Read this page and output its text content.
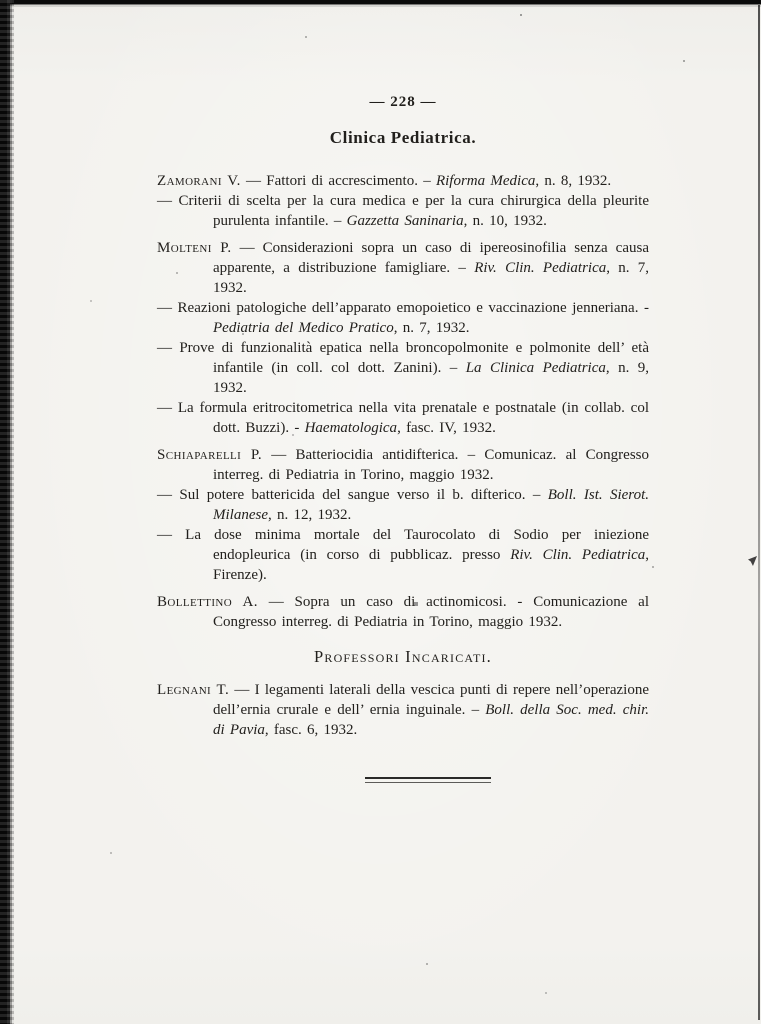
— 228 —
Clinica Pediatrica.

Zamorani V. — Fattori di accrescimento. – Riforma Medica, n. 8, 1932.

— Criterii di scelta per la cura medica e per la cura chirurgica della pleurite purulenta infantile. – Gazzetta Saninaria, n. 10, 1932.

Molteni P. — Considerazioni sopra un caso di ipereosinofilia senza causa apparente, a distribuzione famigliare. – Riv. Clin. Pediatrica, n. 7, 1932.

— Reazioni patologiche dell’apparato emopoietico e vaccinazione jenneriana. - Pediatria del Medico Pratico, n. 7, 1932.

— Prove di funzionalità epatica nella broncopolmonite e polmonite dell’ età infantile (in coll. col dott. Zanini). – La Clinica Pediatrica, n. 9, 1932.

— La formula eritrocitometrica nella vita prenatale e postnatale (in collab. col dott. Buzzi). - Haematologica, fasc. IV, 1932.

Schiaparelli P. — Batteriocidia antidifterica. – Comunicaz. al Congresso interreg. di Pediatria in Torino, maggio 1932.

— Sul potere battericida del sangue verso il b. difterico. – Boll. Ist. Sierot. Milanese, n. 12, 1932.

— La dose minima mortale del Taurocolato di Sodio per iniezione endopleurica (in corso di pubblicaz. presso Riv. Clin. Pediatrica, Firenze).

Bollettino A. — Sopra un caso di actinomicosi. - Comunicazione al Congresso interreg. di Pediatria in Torino, maggio 1932.

Professori Incaricati.

Legnani T. — I legamenti laterali della vescica punti di repere nell’operazione dell’ernia crurale e dell’ ernia inguinale. – Boll. della Soc. med. chir. di Pavia, fasc. 6, 1932.
